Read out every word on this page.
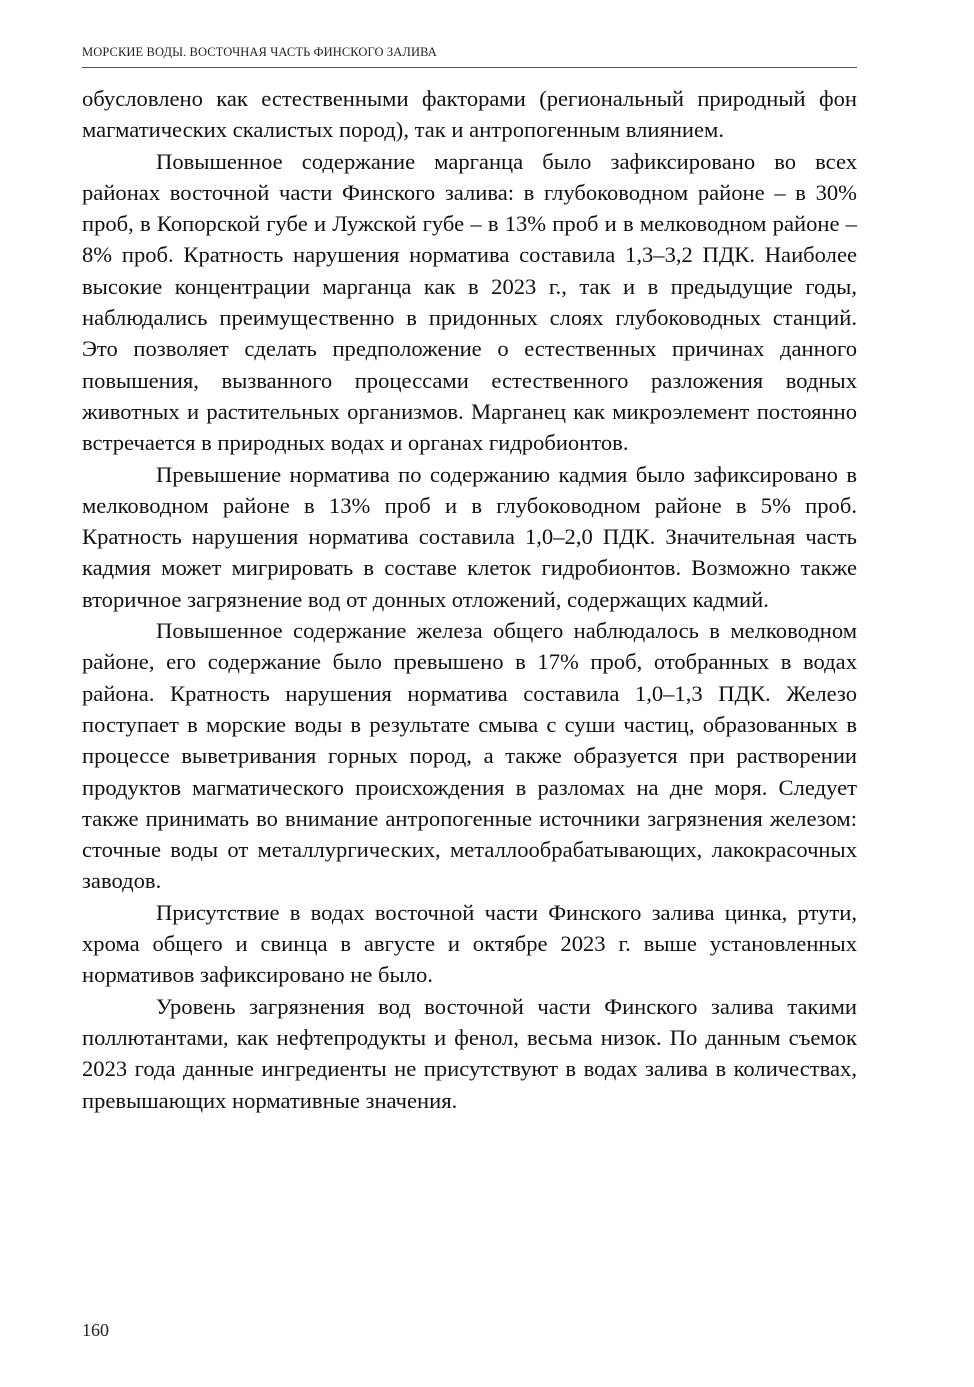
МОРСКИЕ ВОДЫ. ВОСТОЧНАЯ ЧАСТЬ ФИНСКОГО ЗАЛИВА

обусловлено как естественными факторами (региональный природный фон магматических скалистых пород), так и антропогенным влиянием.

Повышенное содержание марганца было зафиксировано во всех районах восточной части Финского залива: в глубоководном районе – в 30% проб, в Копорской губе и Лужской губе – в 13% проб и в мелководном районе – 8% проб. Кратность нарушения норматива составила 1,3–3,2 ПДК. Наиболее высокие концентрации марганца как в 2023 г., так и в предыдущие годы, наблюдались преимущественно в придонных слоях глубоководных станций. Это позволяет сделать предположение о естественных причинах данного повышения, вызванного процессами естественного разложения водных животных и растительных организмов. Марганец как микроэлемент постоянно встречается в природных водах и органах гидробионтов.

Превышение норматива по содержанию кадмия было зафиксировано в мелководном районе в 13% проб и в глубоководном районе в 5% проб. Кратность нарушения норматива составила 1,0–2,0 ПДК. Значительная часть кадмия может мигрировать в составе клеток гидробионтов. Возможно также вторичное загрязнение вод от донных отложений, содержащих кадмий.

Повышенное содержание железа общего наблюдалось в мелководном районе, его содержание было превышено в 17% проб, отобранных в водах района. Кратность нарушения норматива составила 1,0–1,3 ПДК. Железо поступает в морские воды в результате смыва с суши частиц, образованных в процессе выветривания горных пород, а также образуется при растворении продуктов магматического происхождения в разломах на дне моря. Следует также принимать во внимание антропогенные источники загрязнения железом: сточные воды от металлургических, металлообрабатывающих, лакокрасочных заводов.

Присутствие в водах восточной части Финского залива цинка, ртути, хрома общего и свинца в августе и октябре 2023 г. выше установленных нормативов зафиксировано не было.

Уровень загрязнения вод восточной части Финского залива такими поллютантами, как нефтепродукты и фенол, весьма низок. По данным съемок 2023 года данные ингредиенты не присутствуют в водах залива в количествах, превышающих нормативные значения.

160
